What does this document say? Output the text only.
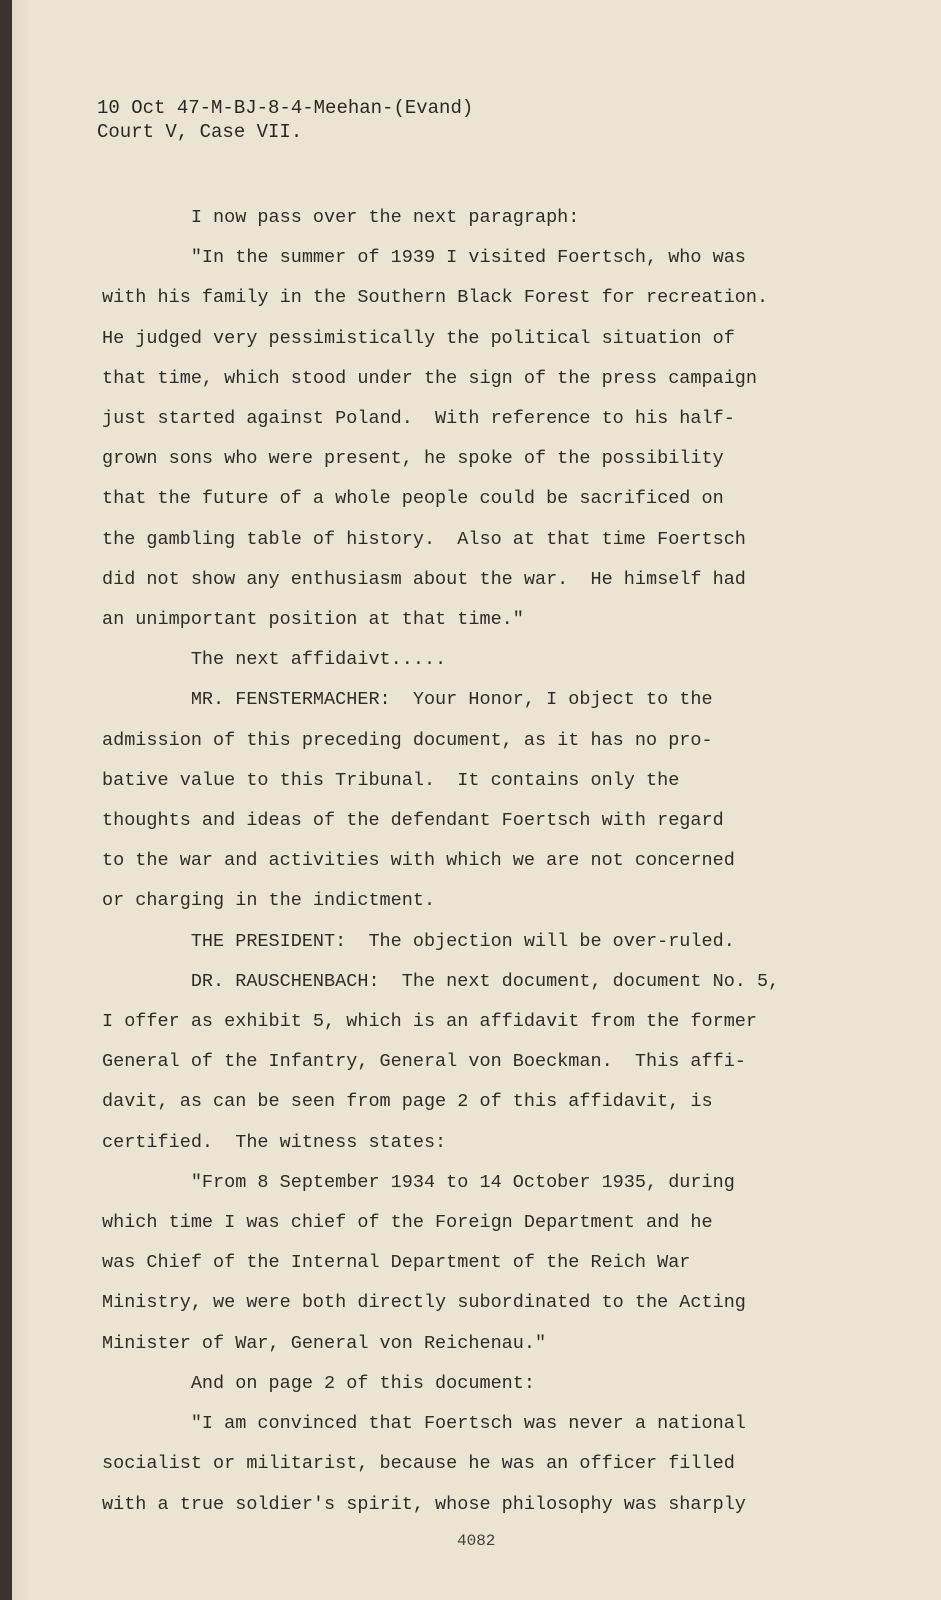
10 Oct 47-M-BJ-8-4-Meehan-(Evand)
Court V, Case VII.
I now pass over the next paragraph:
"In the summer of 1939 I visited Foertsch, who was
with his family in the Southern Black Forest for recreation.
He judged very pessimistically the political situation of
that time, which stood under the sign of the press campaign
just started against Poland.  With reference to his half-
grown sons who were present, he spoke of the possibility
that the future of a whole people could be sacrificed on
the gambling table of history.  Also at that time Foertsch
did not show any enthusiasm about the war.  He himself had
an unimportant position at that time."
The next affidaivt.....
MR. FENSTERMACHER:  Your Honor, I object to the
admission of this preceding document, as it has no pro-
bative value to this Tribunal.  It contains only the
thoughts and ideas of the defendant Foertsch with regard
to the war and activities with which we are not concerned
or charging in the indictment.
THE PRESIDENT:  The objection will be over-ruled.
DR. RAUSCHENBACH:  The next document, document No. 5,
I offer as exhibit 5, which is an affidavit from the former
General of the Infantry, General von Boeckman.  This affi-
davit, as can be seen from page 2 of this affidavit, is
certified.  The witness states:
"From 8 September 1934 to 14 October 1935, during
which time I was chief of the Foreign Department and he
was Chief of the Internal Department of the Reich War
Ministry, we were both directly subordinated to the Acting
Minister of War, General von Reichenau."
And on page 2 of this document:
"I am convinced that Foertsch was never a national
socialist or militarist, because he was an officer filled
with a true soldier's spirit, whose philosophy was sharply
4082
